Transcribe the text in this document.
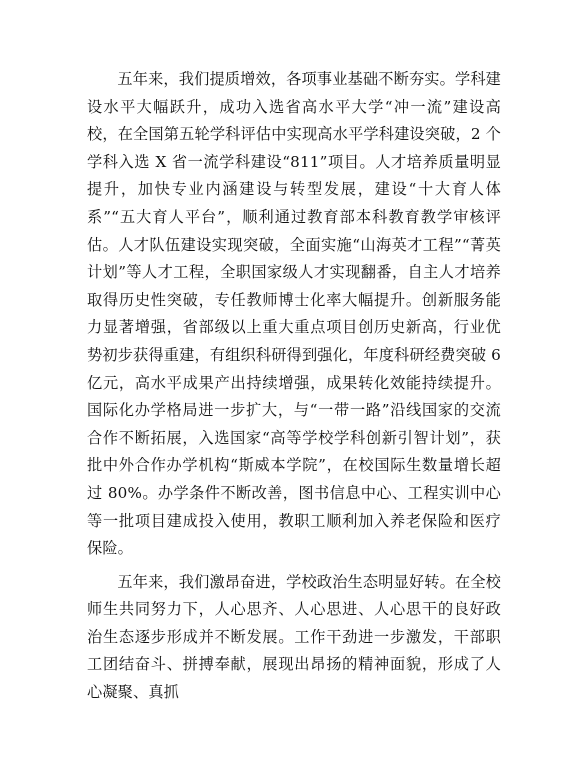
五年来，我们提质增效，各项事业基础不断夯实。学科建设水平大幅跃升，成功入选省高水平大学“冲一流”建设高校，在全国第五轮学科评估中实现高水平学科建设突破，2 个学科入选 X 省一流学科建设“811”项目。人才培养质量明显提升，加快专业内涵建设与转型发展，建设“十大育人体系”“五大育人平台”，顺利通过教育部本科教育教学审核评估。人才队伍建设实现突破，全面实施“山海英才工程”“菁英计划”等人才工程，全职国家级人才实现翻番，自主人才培养取得历史性突破，专任教师博士化率大幅提升。创新服务能力显著增强，省部级以上重大重点项目创历史新高，行业优势初步获得重建，有组织科研得到强化，年度科研经费突破 6 亿元，高水平成果产出持续增强，成果转化效能持续提升。国际化办学格局进一步扩大，与“一带一路”沿线国家的交流合作不断拓展，入选国家“高等学校学科创新引智计划”，获批中外合作办学机构“斯威本学院”，在校国际生数量增长超过 80%。办学条件不断改善，图书信息中心、工程实训中心等一批项目建成投入使用，教职工顺利加入养老保险和医疗保险。

五年来，我们激昂奋进，学校政治生态明显好转。在全校师生共同努力下，人心思齐、人心思进、人心思干的良好政治生态逐步形成并不断发展。工作干劲进一步激发，干部职工团结奋斗、拼搏奉献，展现出昂扬的精神面貌，形成了人心凝聚、真抓
